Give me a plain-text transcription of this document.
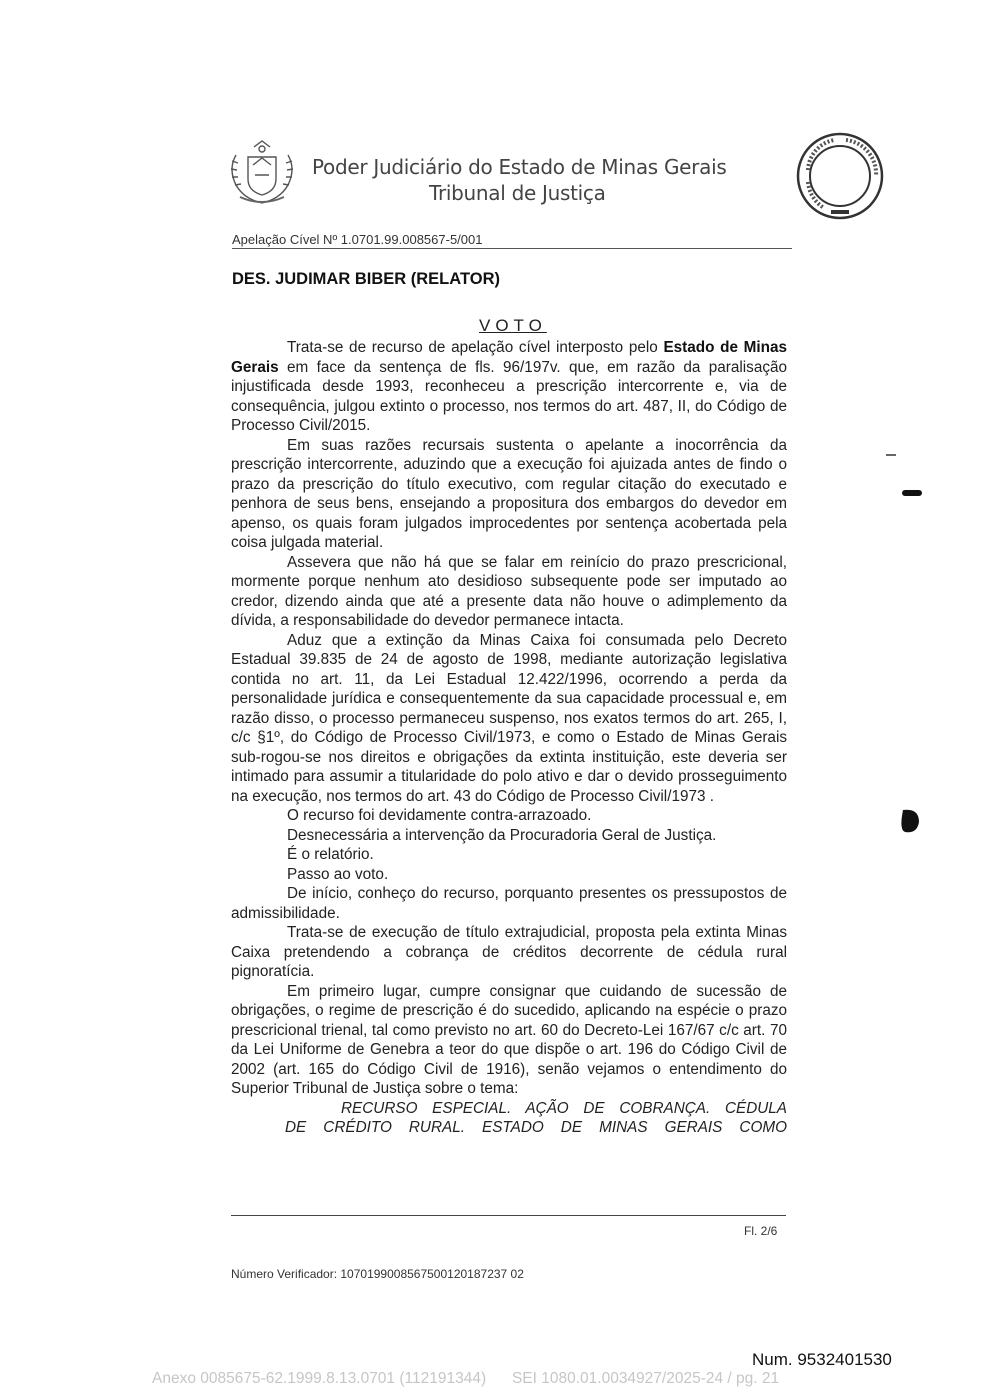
Poder Judiciário do Estado de Minas Gerais
Tribunal de Justiça
Apelação Cível Nº 1.0701.99.008567-5/001
DES. JUDIMAR BIBER (RELATOR)
VOTO

Trata-se de recurso de apelação cível interposto pelo Estado de Minas Gerais em face da sentença de fls. 96/197v. que, em razão da paralisação injustificada desde 1993, reconheceu a prescrição intercorrente e, via de consequência, julgou extinto o processo, nos termos do art. 487, II, do Código de Processo Civil/2015.

Em suas razões recursais sustenta o apelante a inocorrência da prescrição intercorrente, aduzindo que a execução foi ajuizada antes de findo o prazo da prescrição do título executivo, com regular citação do executado e penhora de seus bens, ensejando a propositura dos embargos do devedor em apenso, os quais foram julgados improcedentes por sentença acobertada pela coisa julgada material.

Assevera que não há que se falar em reinício do prazo prescricional, mormente porque nenhum ato desidioso subsequente pode ser imputado ao credor, dizendo ainda que até a presente data não houve o adimplemento da dívida, a responsabilidade do devedor permanece intacta.

Aduz que a extinção da Minas Caixa foi consumada pelo Decreto Estadual 39.835 de 24 de agosto de 1998, mediante autorização legislativa contida no art. 11, da Lei Estadual 12.422/1996, ocorrendo a perda da personalidade jurídica e consequentemente da sua capacidade processual e, em razão disso, o processo permaneceu suspenso, nos exatos termos do art. 265, I, c/c §1º, do Código de Processo Civil/1973, e como o Estado de Minas Gerais sub-rogou-se nos direitos e obrigações da extinta instituição, este deveria ser intimado para assumir a titularidade do polo ativo e dar o devido prosseguimento na execução, nos termos do art. 43 do Código de Processo Civil/1973 .

O recurso foi devidamente contra-arrazoado.

Desnecessária a intervenção da Procuradoria Geral de Justiça.

É o relatório.

Passo ao voto.

De início, conheço do recurso, porquanto presentes os pressupostos de admissibilidade.

Trata-se de execução de título extrajudicial, proposta pela extinta Minas Caixa pretendendo a cobrança de créditos decorrente de cédula rural pignoratícia.

Em primeiro lugar, cumpre consignar que cuidando de sucessão de obrigações, o regime de prescrição é do sucedido, aplicando na espécie o prazo prescricional trienal, tal como previsto no art. 60 do Decreto-Lei 167/67 c/c art. 70 da Lei Uniforme de Genebra a teor do que dispõe o art. 196 do Código Civil de 2002 (art. 165 do Código Civil de 1916), senão vejamos o entendimento do Superior Tribunal de Justiça sobre o tema:

RECURSO ESPECIAL. AÇÃO DE COBRANÇA. CÉDULA
DE CRÉDITO RURAL. ESTADO DE MINAS GERAIS COMO
Fl. 2/6
Número Verificador: 1070199008567500120187237 02
Num. 9532401530
Anexo 0085675-62.1999.8.13.0701 (112191344)      SEI 1080.01.0034927/2025-24 / pg. 21
